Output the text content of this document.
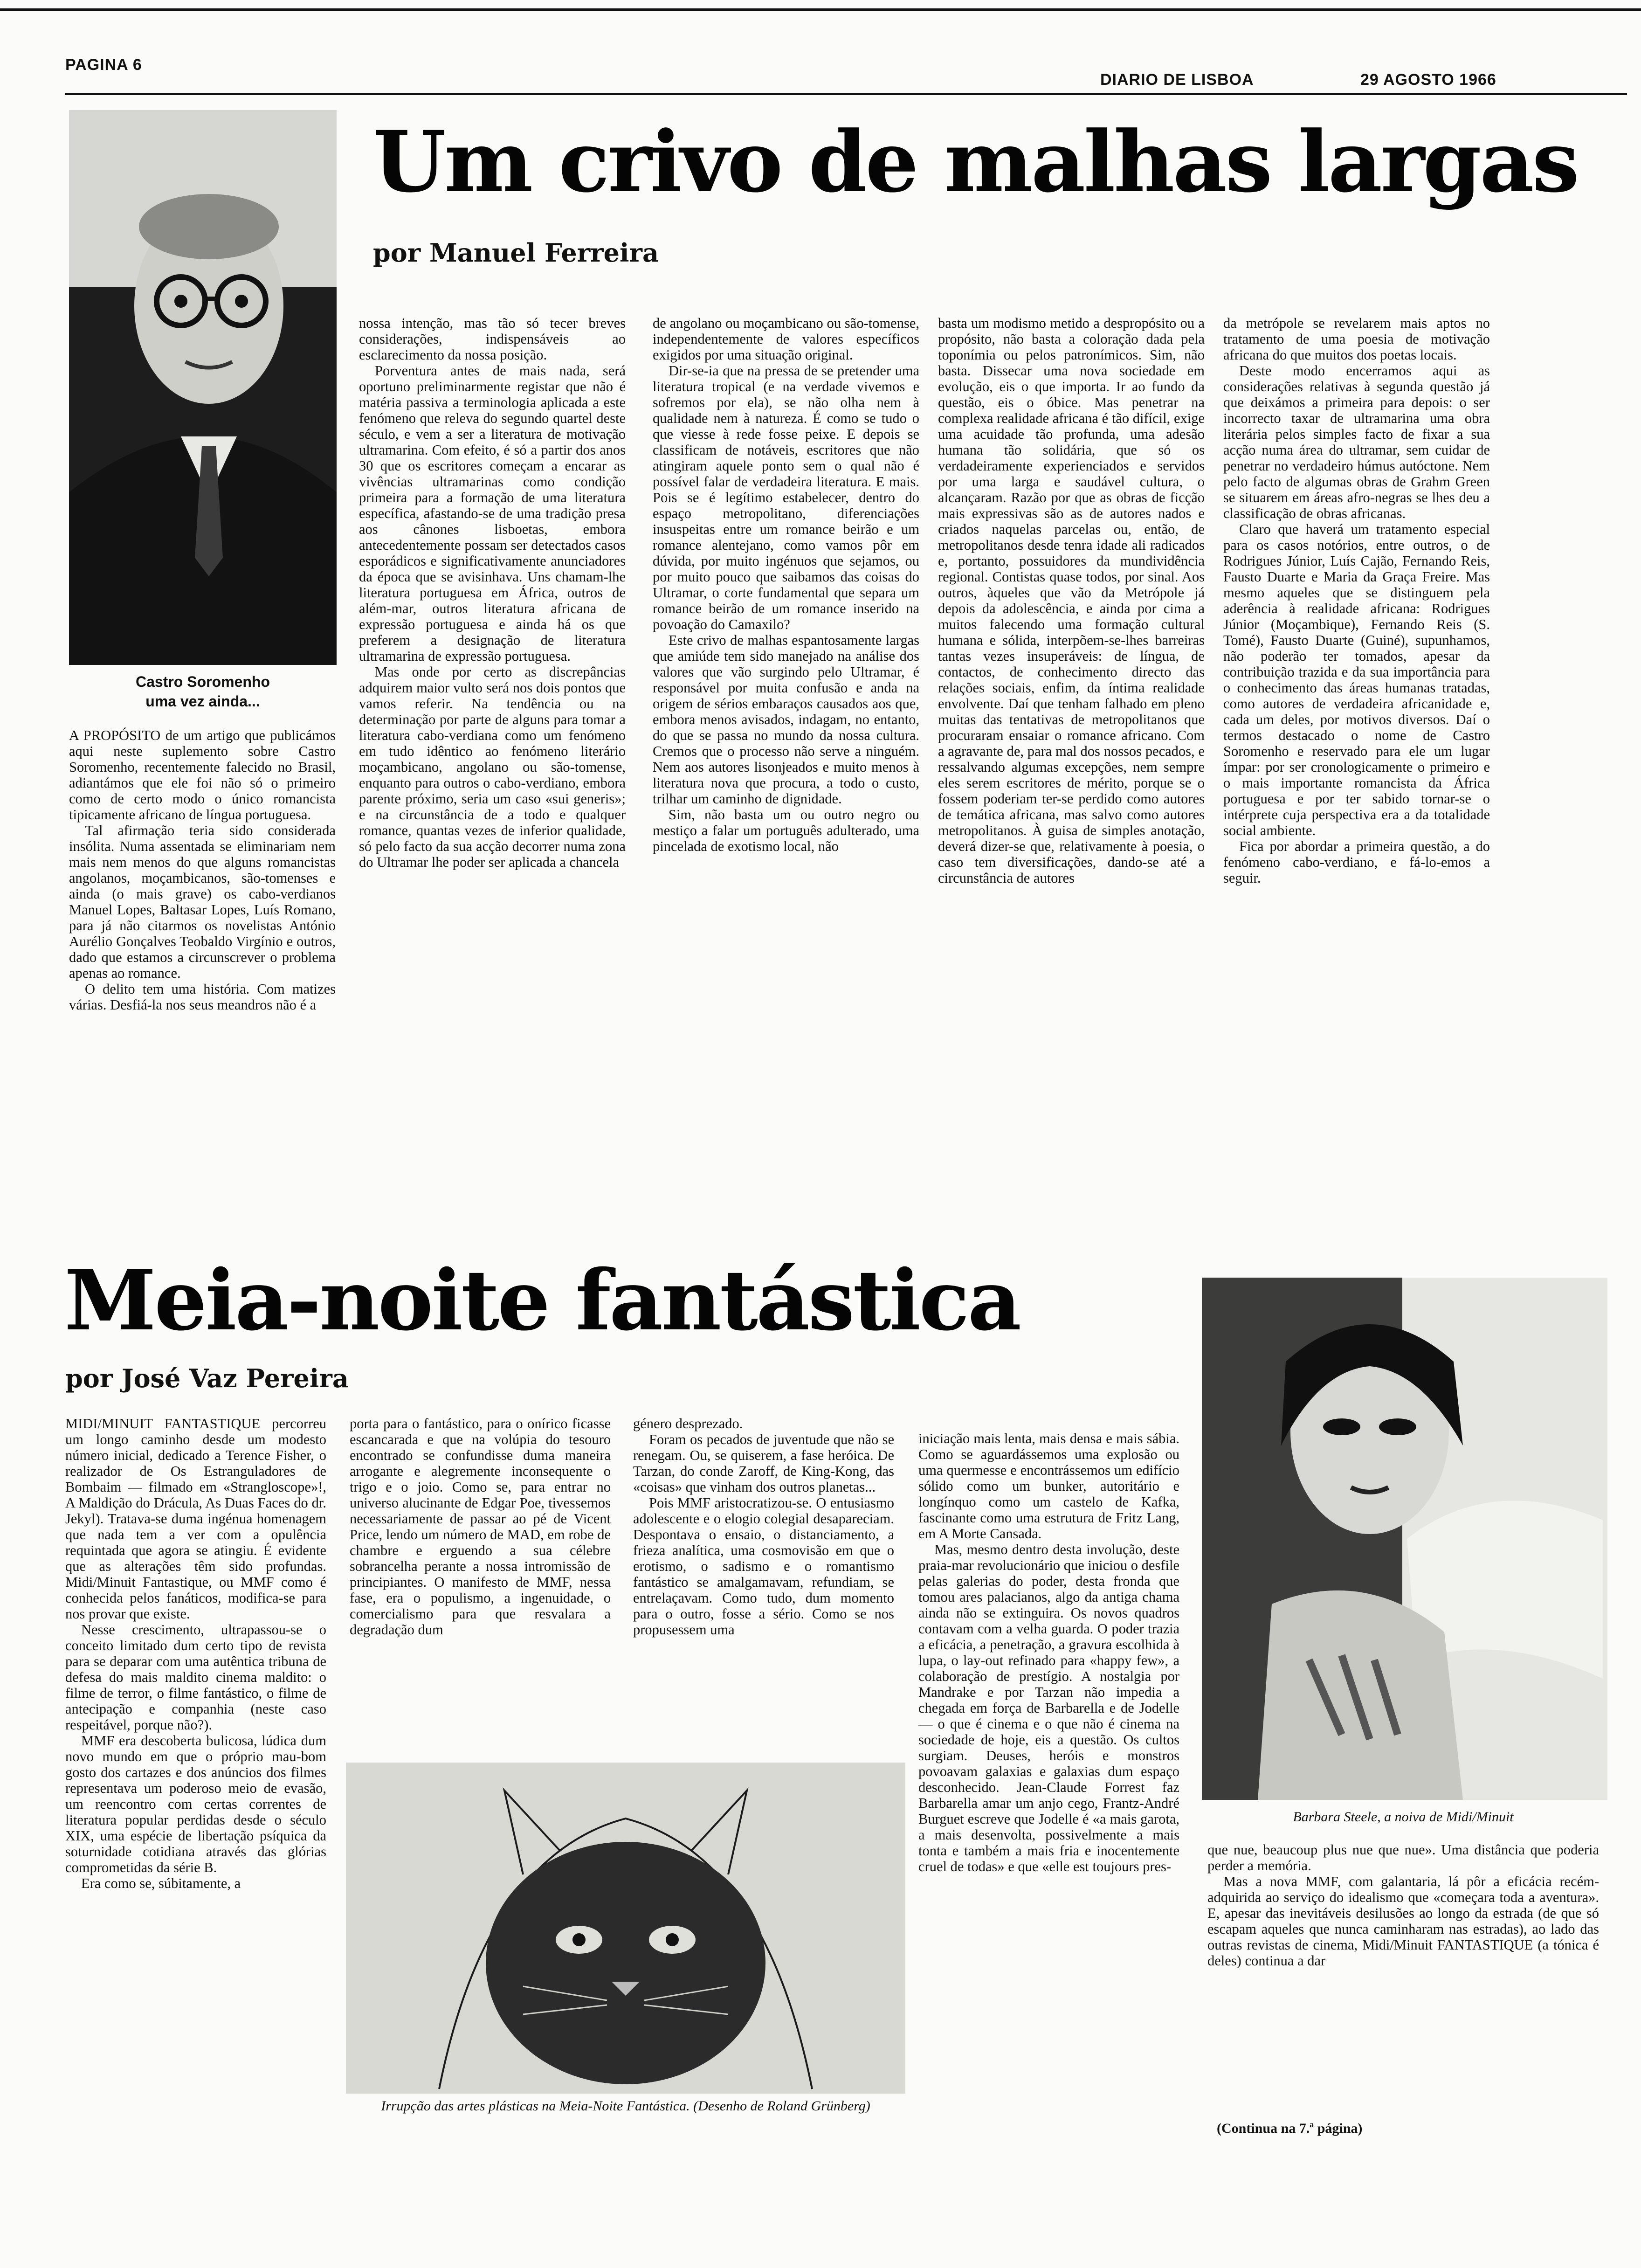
PAGINA 6
DIARIO DE LISBOA	29 AGOSTO 1966
Castro Soromenho
uma vez ainda...
Um crivo de malhas largas
por Manuel Ferreira

A PROPÓSITO de um artigo que publicámos aqui neste suplemento sobre Castro Soromenho, recentemente falecido no Brasil, adiantámos que ele foi não só o primeiro como de certo modo o único romancista tipicamente africano de língua portuguesa.

Tal afirmação teria sido considerada insólita. Numa assentada se eliminariam nem mais nem menos do que alguns romancistas angolanos, moçambicanos, são-tomenses e ainda (o mais grave) os cabo-verdianos Manuel Lopes, Baltasar Lopes, Luís Romano, para já não citarmos os novelistas António Aurélio Gonçalves Teobaldo Virgínio e outros, dado que estamos a circunscrever o problema apenas ao romance.

O delito tem uma história. Com matizes várias. Desfiá-la nos seus meandros não é a

nossa intenção, mas tão só tecer breves considerações, indispensáveis ao esclarecimento da nossa posição.

Porventura antes de mais nada, será oportuno preliminarmente registar que não é matéria passiva a terminologia aplicada a este fenómeno que releva do segundo quartel deste século, e vem a ser a literatura de motivação ultramarina. Com efeito, é só a partir dos anos 30 que os escritores começam a encarar as vivências ultramarinas como condição primeira para a formação de uma literatura específica, afastando-se de uma tradição presa aos cânones lisboetas, embora antecedentemente possam ser detectados casos esporádicos e significativamente anunciadores da época que se avisinhava. Uns chamam-lhe literatura portuguesa em África, outros de além-mar, outros literatura africana de expressão portuguesa e ainda há os que preferem a designação de literatura ultramarina de expressão portuguesa.

Mas onde por certo as discrepâncias adquirem maior vulto será nos dois pontos que vamos referir. Na tendência ou na determinação por parte de alguns para tomar a literatura cabo-verdiana como um fenómeno em tudo idêntico ao fenómeno literário moçambicano, angolano ou são-tomense, enquanto para outros o cabo-verdiano, embora parente próximo, seria um caso «sui generis»; e na circunstância de a todo e qualquer romance, quantas vezes de inferior qualidade, só pelo facto da sua acção decorrer numa zona do Ultramar lhe poder ser aplicada a chancela

de angolano ou moçambicano ou são-tomense, independentemente de valores específicos exigidos por uma situação original.

Dir-se-ia que na pressa de se pretender uma literatura tropical (e na verdade vivemos e sofremos por ela), se não olha nem à qualidade nem à natureza. É como se tudo o que viesse à rede fosse peixe. E depois se classificam de notáveis, escritores que não atingiram aquele ponto sem o qual não é possível falar de verdadeira literatura. E mais. Pois se é legítimo estabelecer, dentro do espaço metropolitano, diferenciações insuspeitas entre um romance beirão e um romance alentejano, como vamos pôr em dúvida, por muito ingénuos que sejamos, ou por muito pouco que saibamos das coisas do Ultramar, o corte fundamental que separa um romance beirão de um romance inserido na povoação do Camaxilo?

Este crivo de malhas espantosamente largas que amiúde tem sido manejado na análise dos valores que vão surgindo pelo Ultramar, é responsável por muita confusão e anda na origem de sérios embaraços causados aos que, embora menos avisados, indagam, no entanto, do que se passa no mundo da nossa cultura. Cremos que o processo não serve a ninguém. Nem aos autores lisonjeados e muito menos à literatura nova que procura, a todo o custo, trilhar um caminho de dignidade.

Sim, não basta um ou outro negro ou mestiço a falar um português adulterado, uma pincelada de exotismo local, não

basta um modismo metido a despropósito ou a propósito, não basta a coloração dada pela toponímia ou pelos patronímicos. Sim, não basta. Dissecar uma nova sociedade em evolução, eis o que importa. Ir ao fundo da questão, eis o óbice. Mas penetrar na complexa realidade africana é tão difícil, exige uma acuidade tão profunda, uma adesão humana tão solidária, que só os verdadeiramente experienciados e servidos por uma larga e saudável cultura, o alcançaram. Razão por que as obras de ficção mais expressivas são as de autores nados e criados naquelas parcelas ou, então, de metropolitanos desde tenra idade ali radicados e, portanto, possuidores da mundividência regional. Contistas quase todos, por sinal. Aos outros, àqueles que vão da Metrópole já depois da adolescência, e ainda por cima a muitos falecendo uma formação cultural humana e sólida, interpõem-se-lhes barreiras tantas vezes insuperáveis: de língua, de contactos, de conhecimento directo das relações sociais, enfim, da íntima realidade envolvente. Daí que tenham falhado em pleno muitas das tentativas de metropolitanos que procuraram ensaiar o romance africano. Com a agravante de, para mal dos nossos pecados, e ressalvando algumas excepções, nem sempre eles serem escritores de mérito, porque se o fossem poderiam ter-se perdido como autores de temática africana, mas salvo como autores metropolitanos. À guisa de simples anotação, deverá dizer-se que, relativamente à poesia, o caso tem diversificações, dando-se até a circunstância de autores

da metrópole se revelarem mais aptos no tratamento de uma poesia de motivação africana do que muitos dos poetas locais.

Deste modo encerramos aqui as considerações relativas à segunda questão já que deixámos a primeira para depois: o ser incorrecto taxar de ultramarina uma obra literária pelos simples facto de fixar a sua acção numa área do ultramar, sem cuidar de penetrar no verdadeiro húmus autóctone. Nem pelo facto de algumas obras de Grahm Green se situarem em áreas afro-negras se lhes deu a classificação de obras africanas.

Claro que haverá um tratamento especial para os casos notórios, entre outros, o de Rodrigues Júnior, Luís Cajão, Fernando Reis, Fausto Duarte e Maria da Graça Freire. Mas mesmo aqueles que se distinguem pela aderência à realidade africana: Rodrigues Júnior (Moçambique), Fernando Reis (S. Tomé), Fausto Duarte (Guiné), supunhamos, não poderão ter tomados, apesar da contribuição trazida e da sua importância para o conhecimento das áreas humanas tratadas, como autores de verdadeira africanidade e, cada um deles, por motivos diversos. Daí o termos destacado o nome de Castro Soromenho e reservado para ele um lugar ímpar: por ser cronologicamente o primeiro e o mais importante romancista da África portuguesa e por ter sabido tornar-se o intérprete cuja perspectiva era a da totalidade social ambiente.

Fica por abordar a primeira questão, a do fenómeno cabo-verdiano, e fá-lo-emos a seguir.

Meia-noite fantástica
por José Vaz Pereira
Barbara Steele, a noiva de Midi/Minuit

MIDI/MINUIT FANTASTIQUE percorreu um longo caminho desde um modesto número inicial, dedicado a Terence Fisher, o realizador de Os Estranguladores de Bombaim — filmado em «Strangloscope»!, A Maldição do Drácula, As Duas Faces do dr. Jekyl). Tratava-se duma ingénua homenagem que nada tem a ver com a opulência requintada que agora se atingiu. É evidente que as alterações têm sido profundas. Midi/Minuit Fantastique, ou MMF como é conhecida pelos fanáticos, modifica-se para nos provar que existe.

Nesse crescimento, ultrapassou-se o conceito limitado dum certo tipo de revista para se deparar com uma autêntica tribuna de defesa do mais maldito cinema maldito: o filme de terror, o filme fantástico, o filme de antecipação e companhia (neste caso respeitável, porque não?).

MMF era descoberta bulicosa, lúdica dum novo mundo em que o próprio mau-bom gosto dos cartazes e dos anúncios dos filmes representava um poderoso meio de evasão, um reencontro com certas correntes de literatura popular perdidas desde o século XIX, uma espécie de libertação psíquica da soturnidade cotidiana através das glórias comprometidas da série B.

Era como se, súbitamente, a

porta para o fantástico, para o onírico ficasse escancarada e que na volúpia do tesouro encontrado se confundisse duma maneira arrogante e alegremente inconsequente o trigo e o joio. Como se, para entrar no universo alucinante de Edgar Poe, tivessemos necessariamente de passar ao pé de Vicent Price, lendo um número de MAD, em robe de chambre e erguendo a sua célebre sobrancelha perante a nossa intromissão de principiantes. O manifesto de MMF, nessa fase, era o populismo, a ingenuidade, o comercialismo para que resvalara a degradação dum

género desprezado.

Foram os pecados de juventude que não se renegam. Ou, se quiserem, a fase heróica. De Tarzan, do conde Zaroff, de King-Kong, das «coisas» que vinham dos outros planetas...

Pois MMF aristocratizou-se. O entusiasmo adolescente e o elogio colegial desapareciam. Despontava o ensaio, o distanciamento, a frieza analítica, uma cosmovisão em que o erotismo, o sadismo e o romantismo fantástico se amalgamavam, refundiam, se entrelaçavam. Como tudo, dum momento para o outro, fosse a sério. Como se nos propusessem uma

iniciação mais lenta, mais densa e mais sábia. Como se aguardássemos uma explosão ou uma quermesse e encontrássemos um edifício sólido como um bunker, autoritário e longínquo como um castelo de Kafka, fascinante como uma estrutura de Fritz Lang, em A Morte Cansada.

Mas, mesmo dentro desta involução, deste praia-mar revolucionário que iniciou o desfile pelas galerias do poder, desta fronda que tomou ares palacianos, algo da antiga chama ainda não se extinguira. Os novos quadros contavam com a velha guarda. O poder trazia a eficácia, a penetração, a gravura escolhida à lupa, o lay-out refinado para «happy few», a colaboração de prestígio. A nostalgia por Mandrake e por Tarzan não impedia a chegada em força de Barbarella e de Jodelle — o que é cinema e o que não é cinema na sociedade de hoje, eis a questão. Os cultos surgiam. Deuses, heróis e monstros povoavam galaxias e galaxias dum espaço desconhecido. Jean-Claude Forrest faz Barbarella amar um anjo cego, Frantz-André Burguet escreve que Jodelle é «a mais garota, a mais desenvolta, possivelmente a mais tonta e também a mais fria e inocentemente cruel de todas» e que «elle est toujours pres-

que nue, beaucoup plus nue que nue». Uma distância que poderia perder a memória.

Mas a nova MMF, com galantaria, lá pôr a eficácia recém-adquirida ao serviço do idealismo que «começara toda a aventura». E, apesar das inevitáveis desilusões ao longo da estrada (de que só escapam aqueles que nunca caminharam nas estradas), ao lado das outras revistas de cinema, Midi/Minuit FANTASTIQUE (a tónica é deles) continua a dar

Irrupção das artes plásticas na Meia-Noite Fantástica. (Desenho de Roland Grünberg)
(Continua na 7.ª página)
